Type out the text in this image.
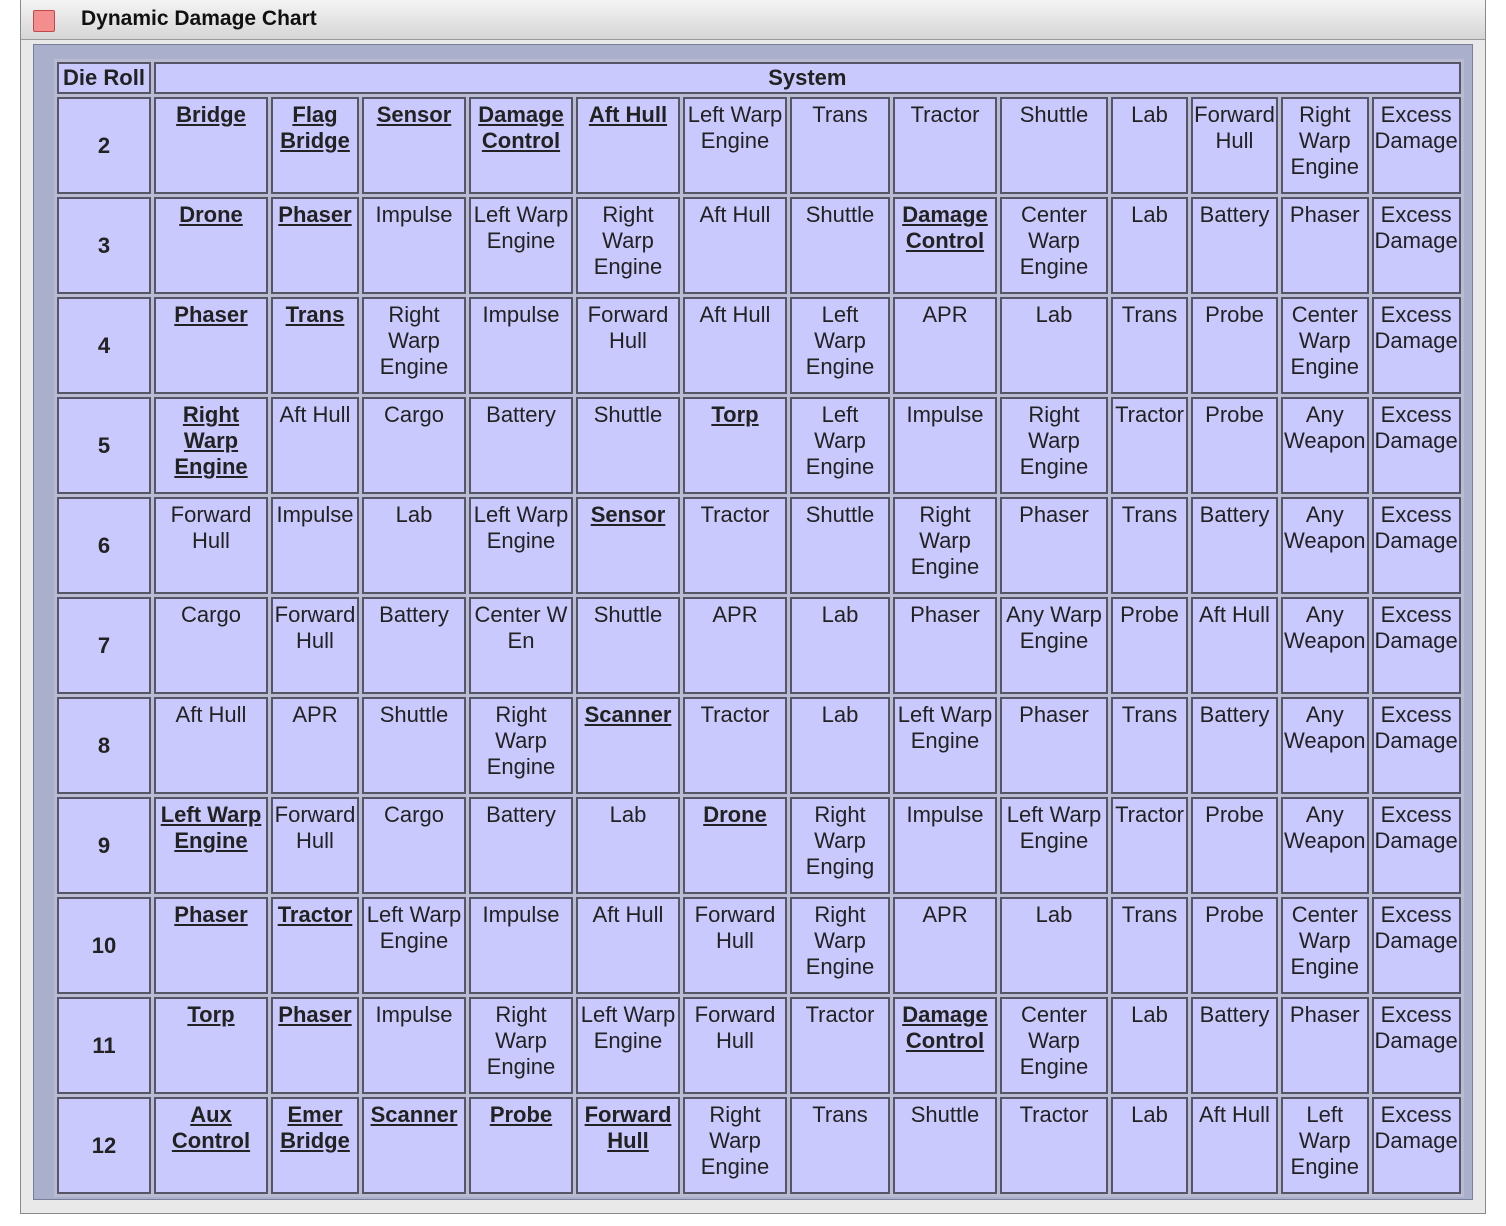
Dynamic Damage Chart
Die Roll	System												
2	Bridge	Flag Bridge	Sensor	Damage Control	Aft Hull	Left Warp Engine	Trans	Tractor	Shuttle	Lab	Forward Hull	Right Warp Engine	Excess Damage
3	Drone	Phaser	Impulse	Left Warp Engine	Right Warp Engine	Aft Hull	Shuttle	Damage Control	Center Warp Engine	Lab	Battery	Phaser	Excess Damage
4	Phaser	Trans	Right Warp Engine	Impulse	Forward Hull	Aft Hull	Left Warp Engine	APR	Lab	Trans	Probe	Center Warp Engine	Excess Damage
5	Right Warp Engine	Aft Hull	Cargo	Battery	Shuttle	Torp	Left Warp Engine	Impulse	Right Warp Engine	Tractor	Probe	Any Weapon	Excess Damage
6	Forward Hull	Impulse	Lab	Left Warp Engine	Sensor	Tractor	Shuttle	Right Warp Engine	Phaser	Trans	Battery	Any Weapon	Excess Damage
7	Cargo	Forward Hull	Battery	Center W En	Shuttle	APR	Lab	Phaser	Any Warp Engine	Probe	Aft Hull	Any Weapon	Excess Damage
8	Aft Hull	APR	Shuttle	Right Warp Engine	Scanner	Tractor	Lab	Left Warp Engine	Phaser	Trans	Battery	Any Weapon	Excess Damage
9	Left Warp Engine	Forward Hull	Cargo	Battery	Lab	Drone	Right Warp Enging	Impulse	Left Warp Engine	Tractor	Probe	Any Weapon	Excess Damage
10	Phaser	Tractor	Left Warp Engine	Impulse	Aft Hull	Forward Hull	Right Warp Engine	APR	Lab	Trans	Probe	Center Warp Engine	Excess Damage
11	Torp	Phaser	Impulse	Right Warp Engine	Left Warp Engine	Forward Hull	Tractor	Damage Control	Center Warp Engine	Lab	Battery	Phaser	Excess Damage
12	Aux Control	Emer Bridge	Scanner	Probe	Forward Hull	Right Warp Engine	Trans	Shuttle	Tractor	Lab	Aft Hull	Left Warp Engine	Excess Damage
